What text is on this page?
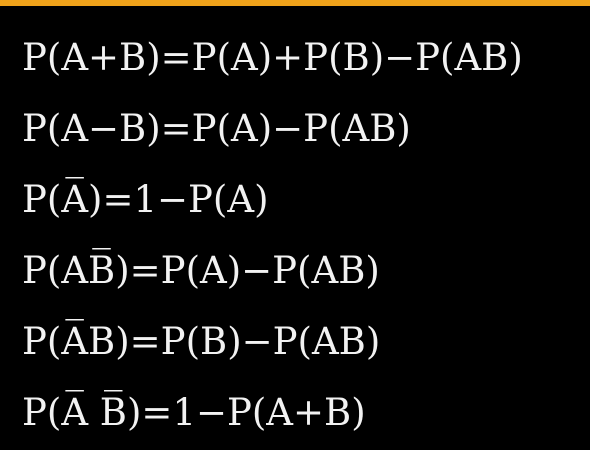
P(A+B)=P(A)+P(B)−P(AB)
P(A−B)=P(A)−P(AB)
P(A̅)=1−P(A)
P(AB̅)=P(A)−P(AB)
P(A̅B)=P(B)−P(AB)
P(A̅ B̅)=1−P(A+B)
